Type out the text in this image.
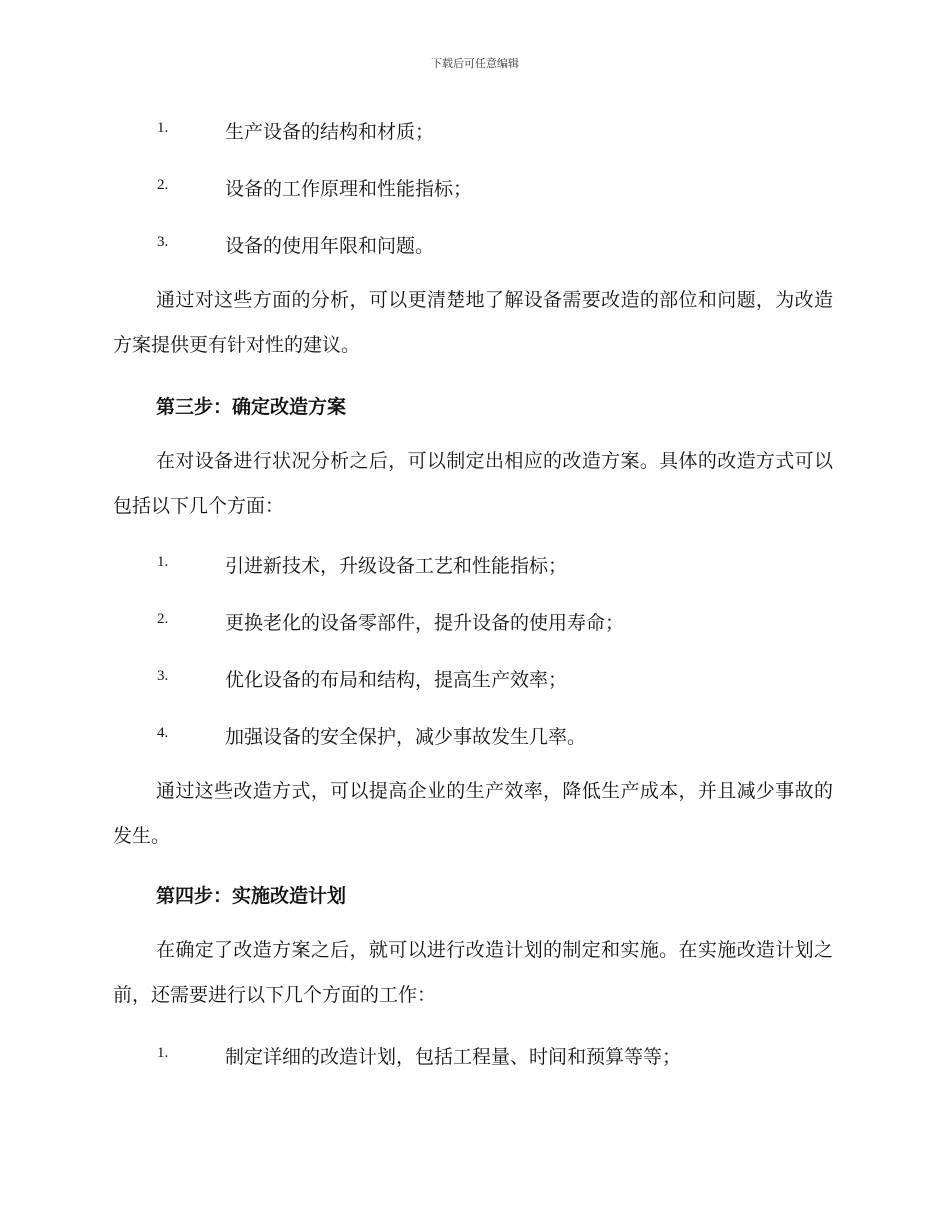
下载后可任意编辑
1.	生产设备的结构和材质；
2.	设备的工作原理和性能指标；
3.	设备的使用年限和问题。

通过对这些方面的分析，可以更清楚地了解设备需要改造的部位和问题，为改造方案提供更有针对性的建议。

第三步：确定改造方案

在对设备进行状况分析之后，可以制定出相应的改造方案。具体的改造方式可以包括以下几个方面：

1.	引进新技术，升级设备工艺和性能指标；
2.	更换老化的设备零部件，提升设备的使用寿命；
3.	优化设备的布局和结构，提高生产效率；
4.	加强设备的安全保护，减少事故发生几率。

通过这些改造方式，可以提高企业的生产效率，降低生产成本，并且减少事故的发生。

第四步：实施改造计划

在确定了改造方案之后，就可以进行改造计划的制定和实施。在实施改造计划之前，还需要进行以下几个方面的工作：

1.	制定详细的改造计划，包括工程量、时间和预算等等；
